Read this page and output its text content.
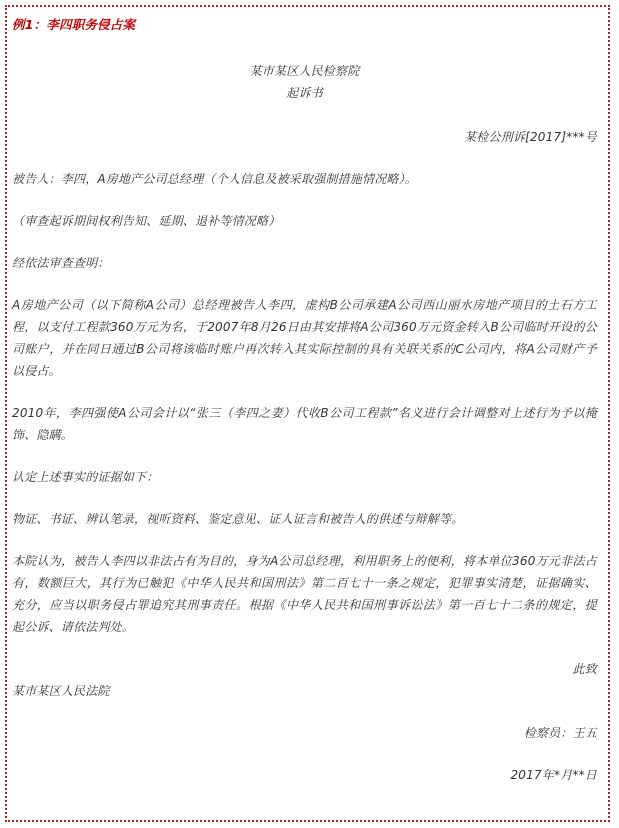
例1：李四职务侵占案

某市某区人民检察院

起诉书

某检公刑诉[2017]***号

被告人：李四，A房地产公司总经理（个人信息及被采取强制措施情况略）。

（审查起诉期间权利告知、延期、退补等情况略）

经依法审查查明：

A房地产公司（以下简称A公司）总经理被告人李四，虚构B公司承建A公司西山丽水房地产项目的土石方工程，以支付工程款360万元为名，于2007年8月26日由其安排将A公司360万元资金转入B公司临时开设的公司账户，并在同日通过B公司将该临时账户再次转入其实际控制的具有关联关系的C公司内，将A公司财产予以侵占。

2010年，李四强使A公司会计以“张三（李四之妻）代收B公司工程款”名义进行会计调整对上述行为予以掩饰、隐瞒。

认定上述事实的证据如下：

物证、书证、辨认笔录，视听资料、鉴定意见、证人证言和被告人的供述与辩解等。

本院认为，被告人李四以非法占有为目的，身为A公司总经理，利用职务上的便利，将本单位360万元非法占有，数额巨大，其行为已触犯《中华人民共和国刑法》第二百七十一条之规定，犯罪事实清楚，证据确实、充分，应当以职务侵占罪追究其刑事责任。根据《中华人民共和国刑事诉讼法》第一百七十二条的规定，提起公诉、请依法判处。

此致

某市某区人民法院

检察员：王五

2017年*月**日
